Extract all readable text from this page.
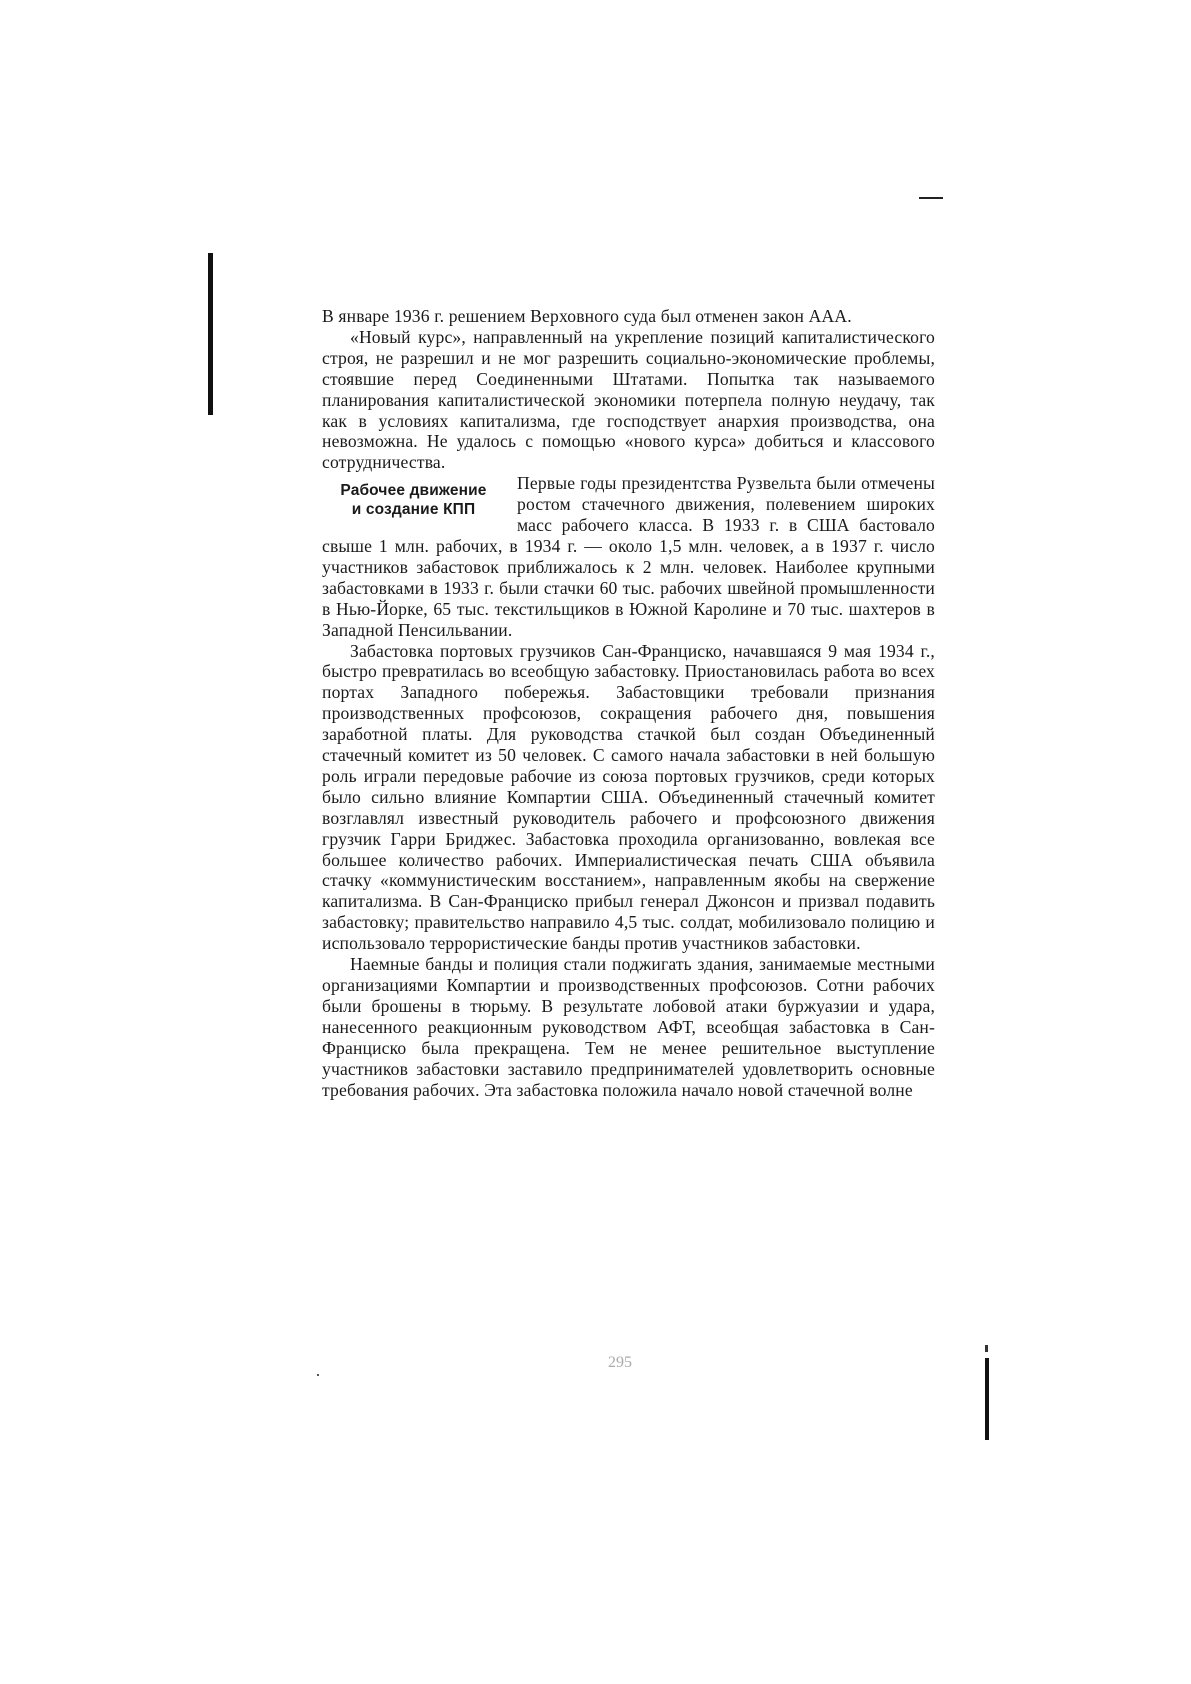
В январе 1936 г. решением Верховного суда был отменен закон ААА.

«Новый курс», направленный на укрепление позиций капиталистического строя, не разрешил и не мог разрешить социально-экономические проблемы, стоявшие перед Соединенными Штатами. Попытка так называемого планирования капиталистической экономики потерпела полную неудачу, так как в условиях капитализма, где господствует анархия производства, она невозможна. Не удалось с помощью «нового курса» добиться и классового сотрудничества.

Рабочее движение
и создание КПП

Первые годы президентства Рузвельта были отмечены ростом стачечного движения, полевением широких масс рабочего класса. В 1933 г. в США бастовало свыше 1 млн. рабочих, в 1934 г. — около 1,5 млн. человек, а в 1937 г. число участников забастовок приближалось к 2 млн. человек. Наиболее крупными забастовками в 1933 г. были стачки 60 тыс. рабочих швейной промышленности в Нью-Йорке, 65 тыс. текстильщиков в Южной Каролине и 70 тыс. шахтеров в Западной Пенсильвании.

Забастовка портовых грузчиков Сан-Франциско, начавшаяся 9 мая 1934 г., быстро превратилась во всеобщую забастовку. Приостановилась работа во всех портах Западного побережья. Забастовщики требовали признания производственных профсоюзов, сокращения рабочего дня, повышения заработной платы. Для руководства стачкой был создан Объединенный стачечный комитет из 50 человек. С самого начала забастовки в ней большую роль играли передовые рабочие из союза портовых грузчиков, среди которых было сильно влияние Компартии США. Объединенный стачечный комитет возглавлял известный руководитель рабочего и профсоюзного движения грузчик Гарри Бриджес. Забастовка проходила организованно, вовлекая все большее количество рабочих. Империалистическая печать США объявила стачку «коммунистическим восстанием», направленным якобы на свержение капитализма. В Сан-Франциско прибыл генерал Джонсон и призвал подавить забастовку; правительство направило 4,5 тыс. солдат, мобилизовало полицию и использовало террористические банды против участников забастовки.

Наемные банды и полиция стали поджигать здания, занимаемые местными организациями Компартии и производственных профсоюзов. Сотни рабочих были брошены в тюрьму. В результате лобовой атаки буржуазии и удара, нанесенного реакционным руководством АФТ, всеобщая забастовка в Сан-Франциско была прекращена. Тем не менее решительное выступление участников забастовки заставило предпринимателей удовлетворить основные требования рабочих. Эта забастовка положила начало новой стачечной волне

295
